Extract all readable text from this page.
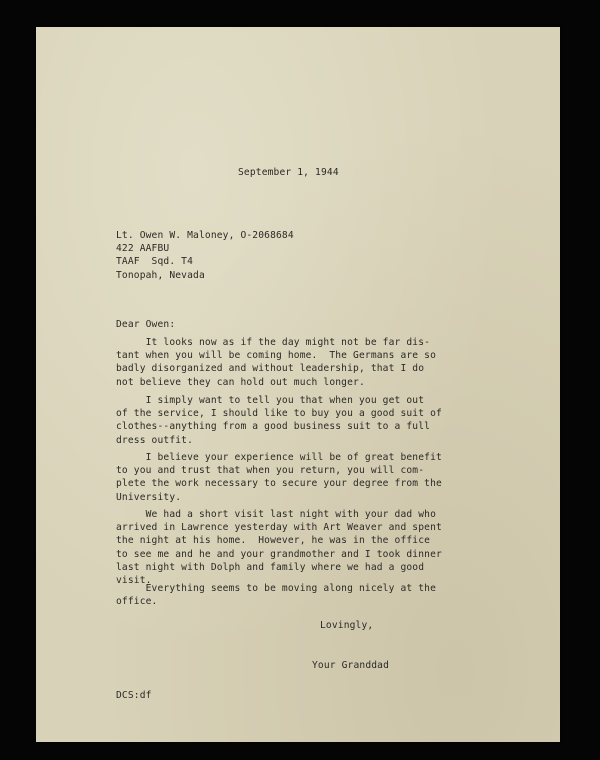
September 1, 1944

Lt. Owen W. Maloney, O-2068684
422 AAFBU
TAAF  Sqd. T4
Tonopah, Nevada

Dear Owen:

It looks now as if the day might not be far dis-
tant when you will be coming home.  The Germans are so
badly disorganized and without leadership, that I do
not believe they can hold out much longer.
I simply want to tell you that when you get out
of the service, I should like to buy you a good suit of
clothes--anything from a good business suit to a full
dress outfit.
I believe your experience will be of great benefit
to you and trust that when you return, you will com-
plete the work necessary to secure your degree from the
University.
We had a short visit last night with your dad who
arrived in Lawrence yesterday with Art Weaver and spent
the night at his home.  However, he was in the office
to see me and he and your grandmother and I took dinner
last night with Dolph and family where we had a good
visit.
Everything seems to be moving along nicely at the
office.

Lovingly,

Your Granddad

DCS:df
